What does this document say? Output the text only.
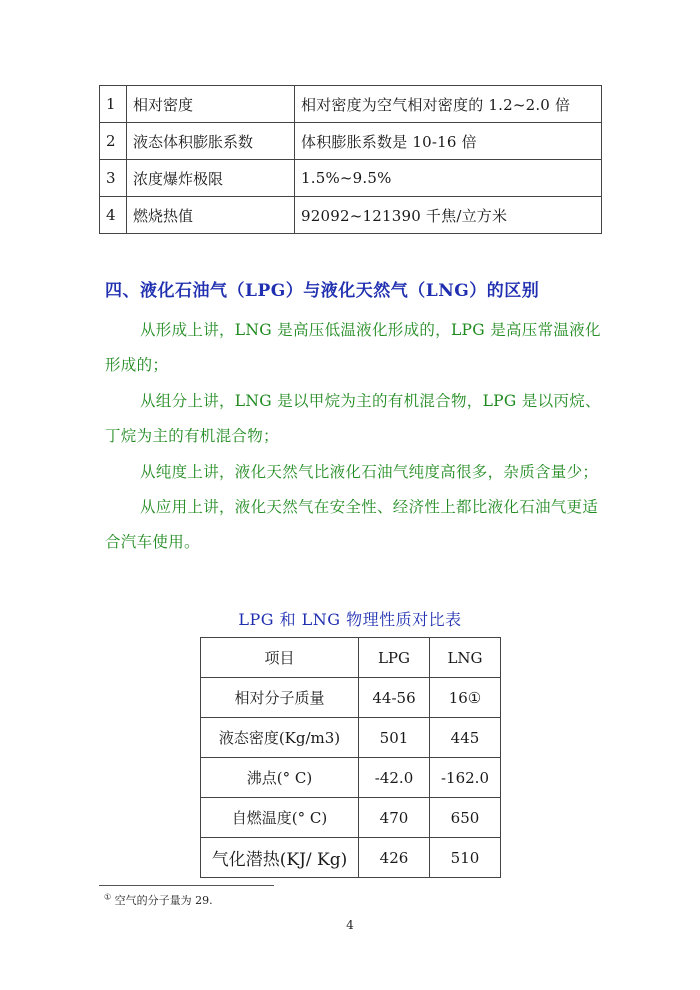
1	相对密度	相对密度为空气相对密度的 1.2~2.0 倍
2	液态体积膨胀系数	体积膨胀系数是 10-16 倍
3	浓度爆炸极限	1.5%~9.5%
4	燃烧热值	92092~121390 千焦/立方米
四、液化石油气（LPG）与液化天然气（LNG）的区别
从形成上讲，LNG 是高压低温液化形成的，LPG 是高压常温液化形成的；
从组分上讲，LNG 是以甲烷为主的有机混合物，LPG 是以丙烷、丁烷为主的有机混合物；
从纯度上讲，液化天然气比液化石油气纯度高很多，杂质含量少；
从应用上讲，液化天然气在安全性、经济性上都比液化石油气更适合汽车使用。
LPG 和 LNG 物理性质对比表
项目	LPG	LNG
相对分子质量	44-56	16①
液态密度(Kg/m3)	501	445
沸点(° C)	-42.0	-162.0
自燃温度(° C)	470	650
气化潜热(KJ/ Kg)	426	510
① 空气的分子量为 29.
4
